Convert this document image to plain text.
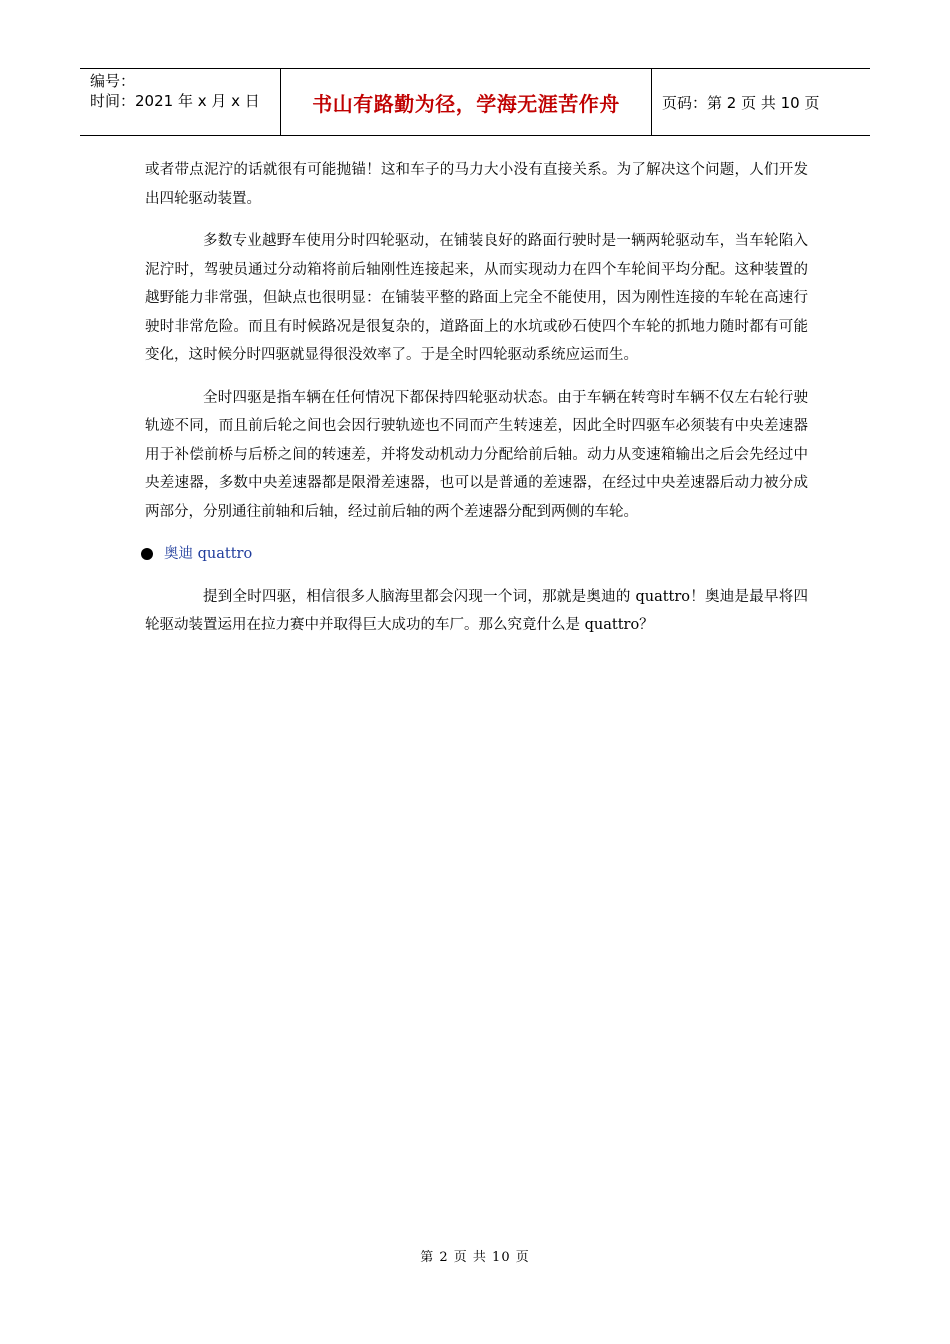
编号：
时间：2021 年 x 月 x 日	书山有路勤为径，学海无涯苦作舟	页码：第 2 页 共 10 页

或者带点泥泞的话就很有可能抛锚！这和车子的马力大小没有直接关系。为了解决这个问题，人们开发出四轮驱动装置。

多数专业越野车使用分时四轮驱动，在铺装良好的路面行驶时是一辆两轮驱动车，当车轮陷入泥泞时，驾驶员通过分动箱将前后轴刚性连接起来，从而实现动力在四个车轮间平均分配。这种装置的越野能力非常强，但缺点也很明显：在铺装平整的路面上完全不能使用，因为刚性连接的车轮在高速行驶时非常危险。而且有时候路况是很复杂的，道路面上的水坑或砂石使四个车轮的抓地力随时都有可能变化，这时候分时四驱就显得很没效率了。于是全时四轮驱动系统应运而生。

全时四驱是指车辆在任何情况下都保持四轮驱动状态。由于车辆在转弯时车辆不仅左右轮行驶轨迹不同，而且前后轮之间也会因行驶轨迹也不同而产生转速差，因此全时四驱车必须装有中央差速器用于补偿前桥与后桥之间的转速差，并将发动机动力分配给前后轴。动力从变速箱输出之后会先经过中央差速器，多数中央差速器都是限滑差速器，也可以是普通的差速器，在经过中央差速器后动力被分成两部分，分别通往前轴和后轴，经过前后轴的两个差速器分配到两侧的车轮。

奥迪 quattro

提到全时四驱，相信很多人脑海里都会闪现一个词，那就是奥迪的 quattro！奥迪是最早将四轮驱动装置运用在拉力赛中并取得巨大成功的车厂。那么究竟什么是 quattro？

第 2 页 共 10 页
